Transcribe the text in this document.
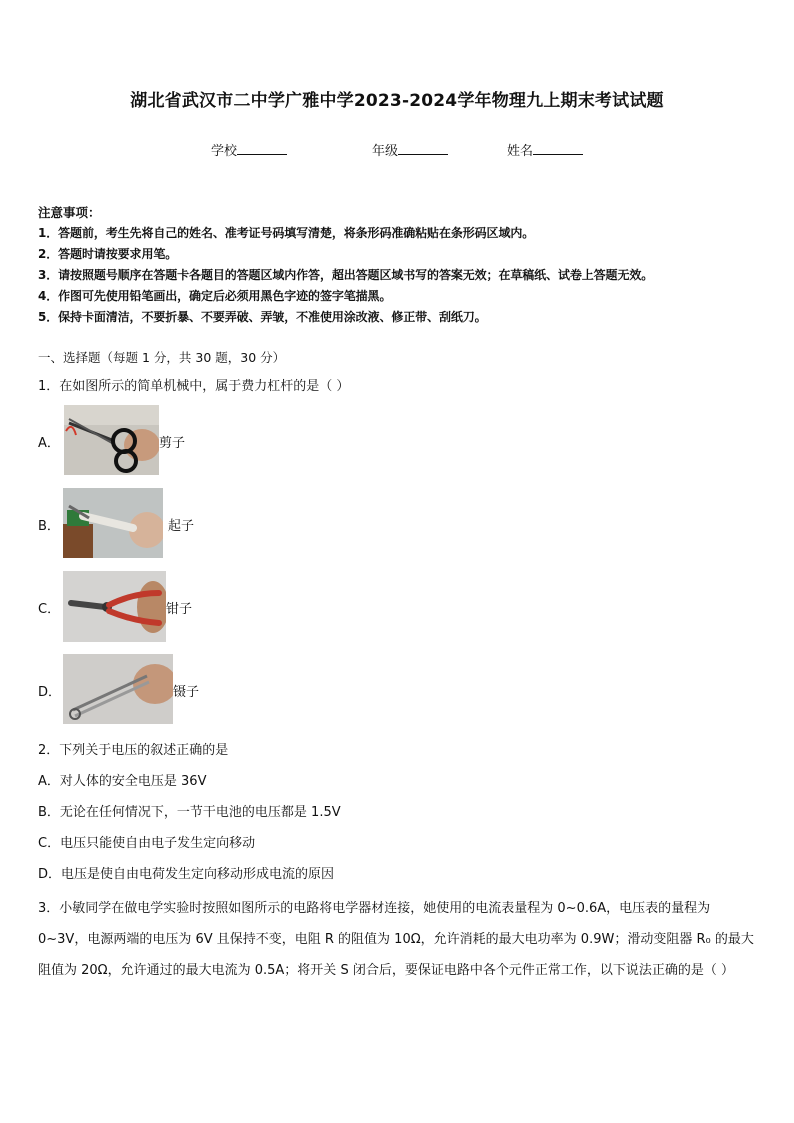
湖北省武汉市二中学广雅中学2023-2024学年物理九上期末考试试题
学校	年级	姓名
注意事项：
1．答题前，考生先将自己的姓名、准考证号码填写清楚，将条形码准确粘贴在条形码区域内。
2．答题时请按要求用笔。
3．请按照题号顺序在答题卡各题目的答题区域内作答，超出答题区域书写的答案无效；在草稿纸、试卷上答题无效。
4．作图可先使用铅笔画出，确定后必须用黑色字迹的签字笔描黑。
5．保持卡面清洁，不要折暴、不要弄破、弄皱，不准使用涂改液、修正带、刮纸刀。
一、选择题（每题 1 分，共 30 题，30 分）
1．在如图所示的简单机械中，属于费力杠杆的是（ ）
A．	剪子
B．	起子
C．	钳子
D．	镊子
2．下列关于电压的叙述正确的是
A．对人体的安全电压是 36V
B．无论在任何情况下，一节干电池的电压都是 1.5V
C．电压只能使自由电子发生定向移动
D．电压是使自由电荷发生定向移动形成电流的原因
3．小敏同学在做电学实验时按照如图所示的电路将电学器材连接，她使用的电流表量程为 0~0.6A，电压表的量程为 0~3V，电源两端的电压为 6V 且保持不变，电阻 R 的阻值为 10Ω，允许消耗的最大电功率为 0.9W；滑动变阻器 R₀ 的最大阻值为 20Ω，允许通过的最大电流为 0.5A；将开关 S 闭合后，要保证电路中各个元件正常工作，以下说法正确的是（ ）
